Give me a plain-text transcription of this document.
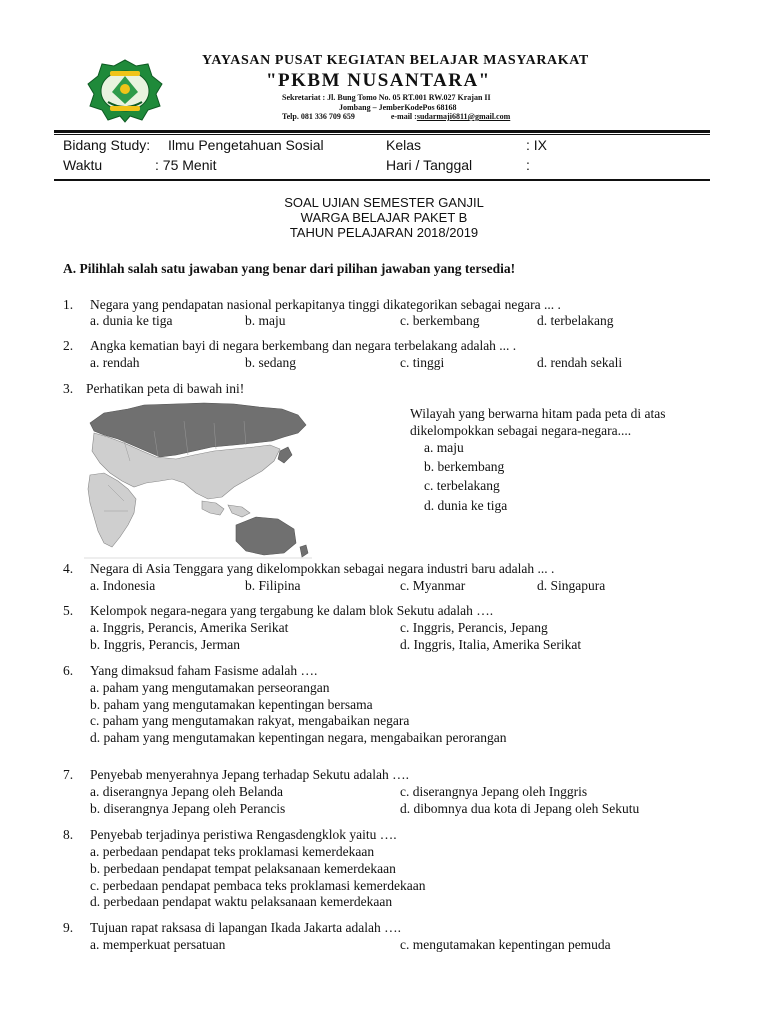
YAYASAN PUSAT KEGIATAN BELAJAR MASYARAKAT
"PKBM NUSANTARA"
Sekretariat : Jl. Bung Tomo No. 05 RT.001 RW.027 Krajan II
Jombang – JemberKodePos 68168
Telp. 081 336 709 659	e-mail :sudarmaji6811@gmail.com
Bidang Study: Ilmu Pengetahuan Sosial	Kelas	: IX
Waktu	: 75 Menit	Hari / Tanggal	:
SOAL UJIAN SEMESTER GANJIL
WARGA BELAJAR PAKET B
TAHUN PELAJARAN 2018/2019
A. Pilihlah salah satu jawaban yang benar dari pilihan jawaban yang tersedia!
1. Negara yang pendapatan nasional perkapitanya tinggi dikategorikan sebagai negara ... .
a. dunia ke tiga	b. maju	c. berkembang	d. terbelakang
2. Angka kematian bayi di negara berkembang dan negara terbelakang adalah ... .
a. rendah	b. sedang	c. tinggi	d. rendah sekali
3. Perhatikan peta di bawah ini!
Wilayah yang berwarna hitam pada peta di atas
dikelompokkan sebagai negara-negara....
a. maju
b. berkembang
c. terbelakang
d. dunia ke tiga
4. Negara di Asia Tenggara yang dikelompokkan sebagai negara industri baru adalah ... .
a. Indonesia	b. Filipina	c. Myanmar	d. Singapura
5. Kelompok negara-negara yang tergabung ke dalam blok Sekutu adalah ….
a. Inggris, Perancis, Amerika Serikat
b. Inggris, Perancis, Jerman
c. Inggris, Perancis, Jepang
d. Inggris, Italia, Amerika Serikat
6. Yang dimaksud faham Fasisme adalah ….
a. paham yang mengutamakan perseorangan
b. paham yang mengutamakan kepentingan bersama
c. paham yang mengutamakan rakyat, mengabaikan negara
d. paham yang mengutamakan kepentingan negara, mengabaikan perorangan
7. Penyebab menyerahnya Jepang terhadap Sekutu adalah ….
a. diserangnya Jepang oleh Belanda
b. diserangnya Jepang oleh Perancis
c. diserangnya Jepang oleh Inggris
d. dibomnya dua kota di Jepang oleh Sekutu
8. Penyebab terjadinya peristiwa Rengasdengklok yaitu ….
a. perbedaan pendapat teks proklamasi kemerdekaan
b. perbedaan pendapat tempat pelaksanaan kemerdekaan
c. perbedaan pendapat pembaca teks proklamasi kemerdekaan
d. perbedaan pendapat waktu pelaksanaan kemerdekaan
9. Tujuan rapat raksasa di lapangan Ikada Jakarta adalah ….
a. memperkuat persatuan	c. mengutamakan kepentingan pemuda
